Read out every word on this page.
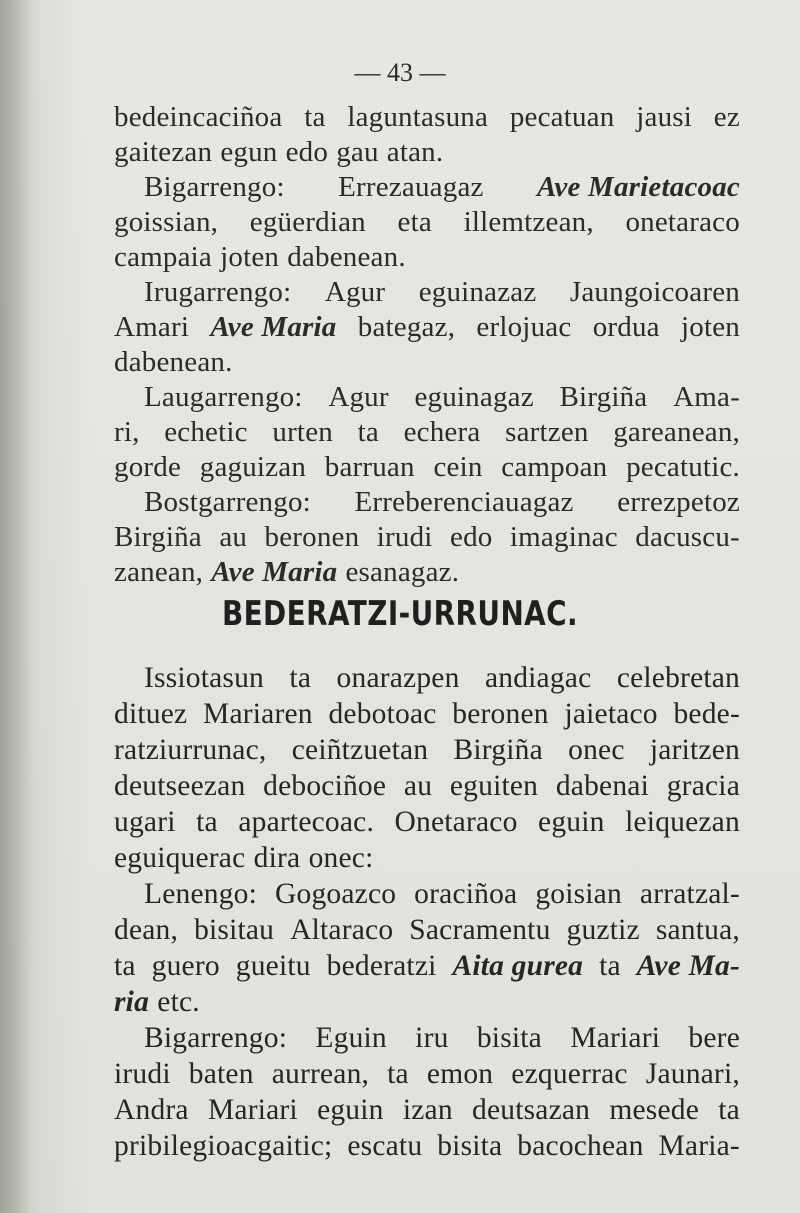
— 43 —
bedeincaciñoa ta laguntasuna pecatuan jausi ez
gaitezan egun edo gau atan.
Bigarrengo: Errezauagaz Ave Marietacoac
goissian, egüerdian eta illemtzean, onetaraco
campaia joten dabenean.
Irugarrengo: Agur eguinazaz Jaungoicoaren
Amari Ave Maria bategaz, erlojuac ordua joten
dabenean.
Laugarrengo: Agur eguinagaz Birgiña Ama-
ri, echetic urten ta echera sartzen gareanean,
gorde gaguizan barruan cein campoan pecatutic.
Bostgarrengo: Erreberenciauagaz errezpetoz
Birgiña au beronen irudi edo imaginac dacuscu-
zanean, Ave Maria esanagaz.
BEDERATZI-URRUNAC.
Issiotasun ta onarazpen andiagac celebretan
dituez Mariaren debotoac beronen jaietaco bede-
ratziurrunac, ceiñtzuetan Birgiña onec jaritzen
deutseezan debociñoe au eguiten dabenai gracia
ugari ta apartecoac. Onetaraco eguin leiquezan
eguiquerac dira onec:
Lenengo: Gogoazco oraciñoa goisian arratzal-
dean, bisitau Altaraco Sacramentu guztiz santua,
ta guero gueitu bederatzi Aita gurea ta Ave Ma-
ria etc.
Bigarrengo: Eguin iru bisita Mariari bere
irudi baten aurrean, ta emon ezquerrac Jaunari,
Andra Mariari eguin izan deutsazan mesede ta
pribilegioacgaitic; escatu bisita bacochean Maria-
